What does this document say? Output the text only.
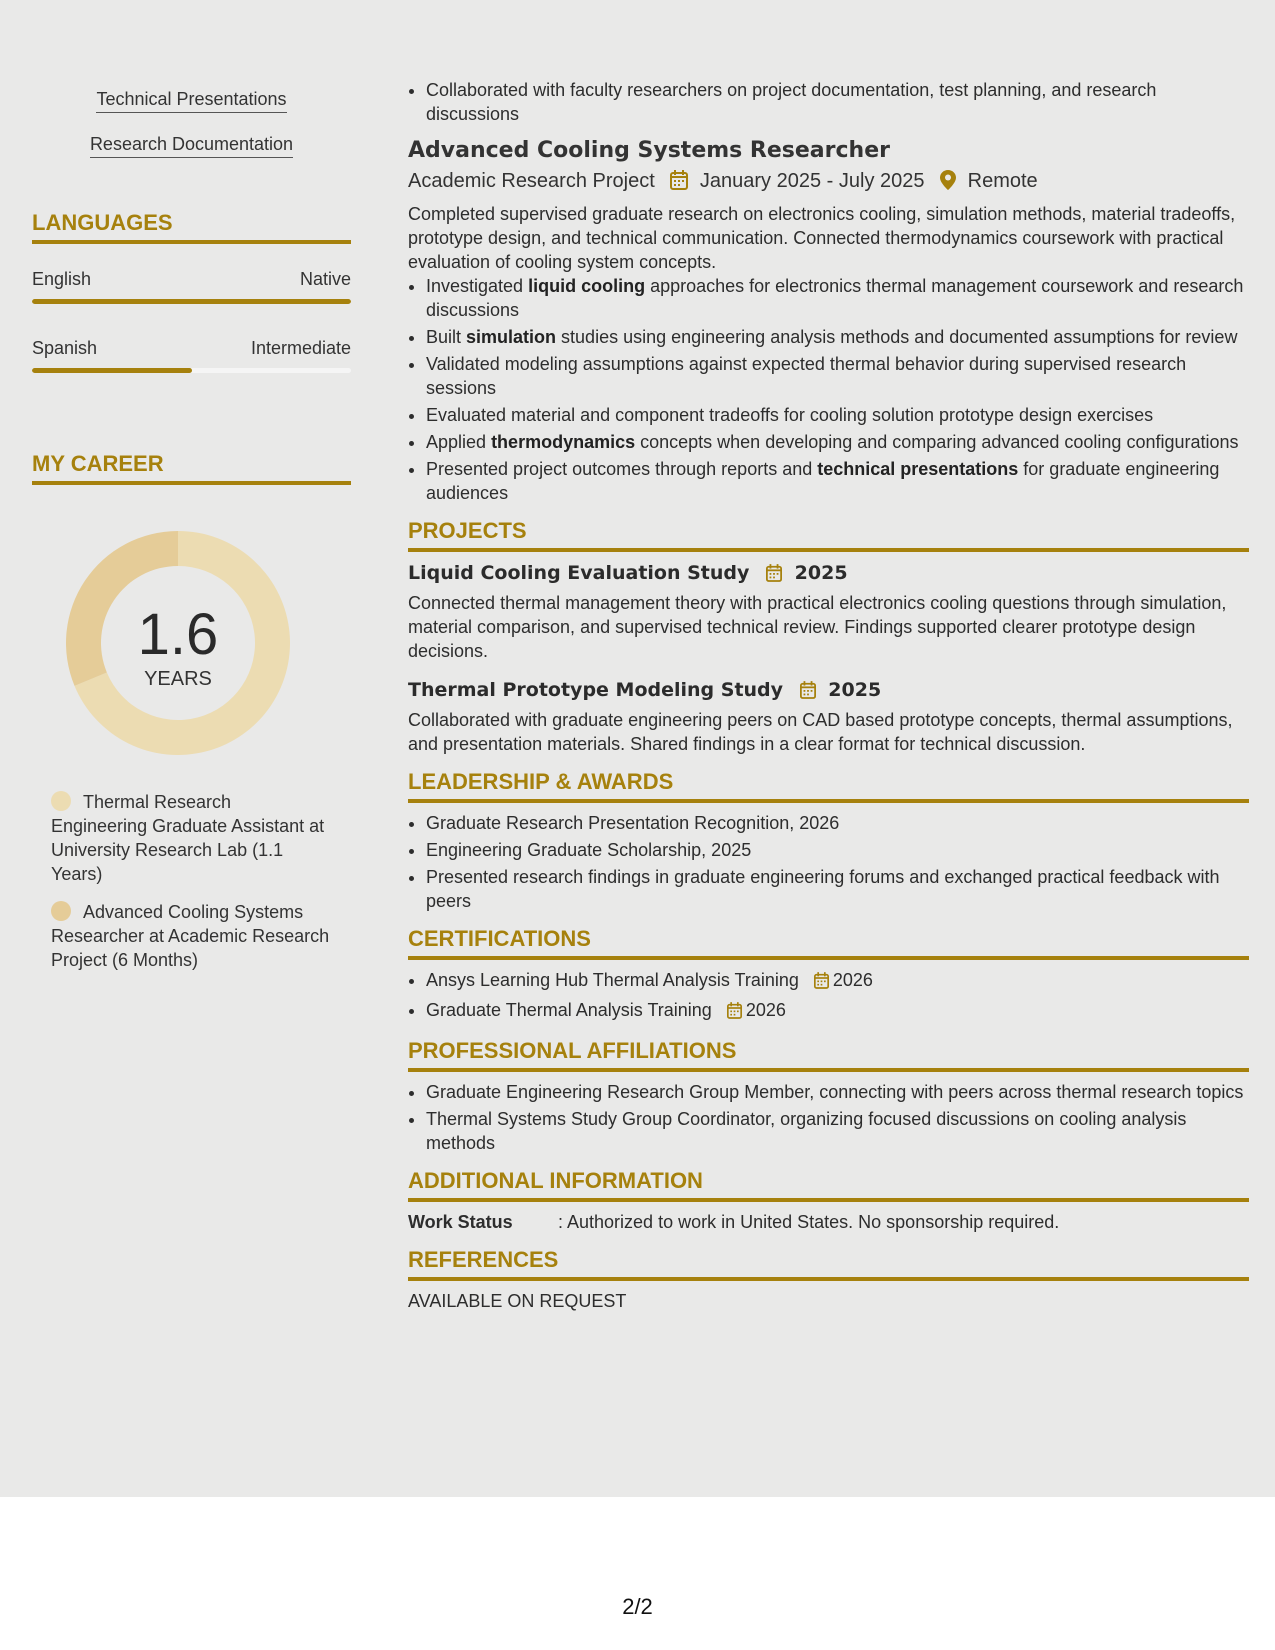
Technical Presentations
Research Documentation
LANGUAGES
English	Native
Spanish	Intermediate
MY CAREER
1.6
YEARS
Thermal Research Engineering Graduate Assistant at University Research Lab (1.1 Years)
Advanced Cooling Systems Researcher at Academic Research Project (6 Months)
• Collaborated with faculty researchers on project documentation, test planning, and research discussions
Advanced Cooling Systems Researcher
Academic Research Project January 2025 - July 2025 Remote
Completed supervised graduate research on electronics cooling, simulation methods, material tradeoffs, prototype design, and technical communication. Connected thermodynamics coursework with practical evaluation of cooling system concepts.
• Investigated liquid cooling approaches for electronics thermal management coursework and research discussions
• Built simulation studies using engineering analysis methods and documented assumptions for review
• Validated modeling assumptions against expected thermal behavior during supervised research sessions
• Evaluated material and component tradeoffs for cooling solution prototype design exercises
• Applied thermodynamics concepts when developing and comparing advanced cooling configurations
• Presented project outcomes through reports and technical presentations for graduate engineering audiences
PROJECTS
Liquid Cooling Evaluation Study 2025
Connected thermal management theory with practical electronics cooling questions through simulation, material comparison, and supervised technical review. Findings supported clearer prototype design decisions.
Thermal Prototype Modeling Study 2025
Collaborated with graduate engineering peers on CAD based prototype concepts, thermal assumptions, and presentation materials. Shared findings in a clear format for technical discussion.
LEADERSHIP & AWARDS
• Graduate Research Presentation Recognition, 2026
• Engineering Graduate Scholarship, 2025
• Presented research findings in graduate engineering forums and exchanged practical feedback with peers
CERTIFICATIONS
• Ansys Learning Hub Thermal Analysis Training 2026
• Graduate Thermal Analysis Training 2026
PROFESSIONAL AFFILIATIONS
• Graduate Engineering Research Group Member, connecting with peers across thermal research topics
• Thermal Systems Study Group Coordinator, organizing focused discussions on cooling analysis methods
ADDITIONAL INFORMATION
Work Status	: Authorized to work in United States. No sponsorship required.
REFERENCES
AVAILABLE ON REQUEST
2/2
